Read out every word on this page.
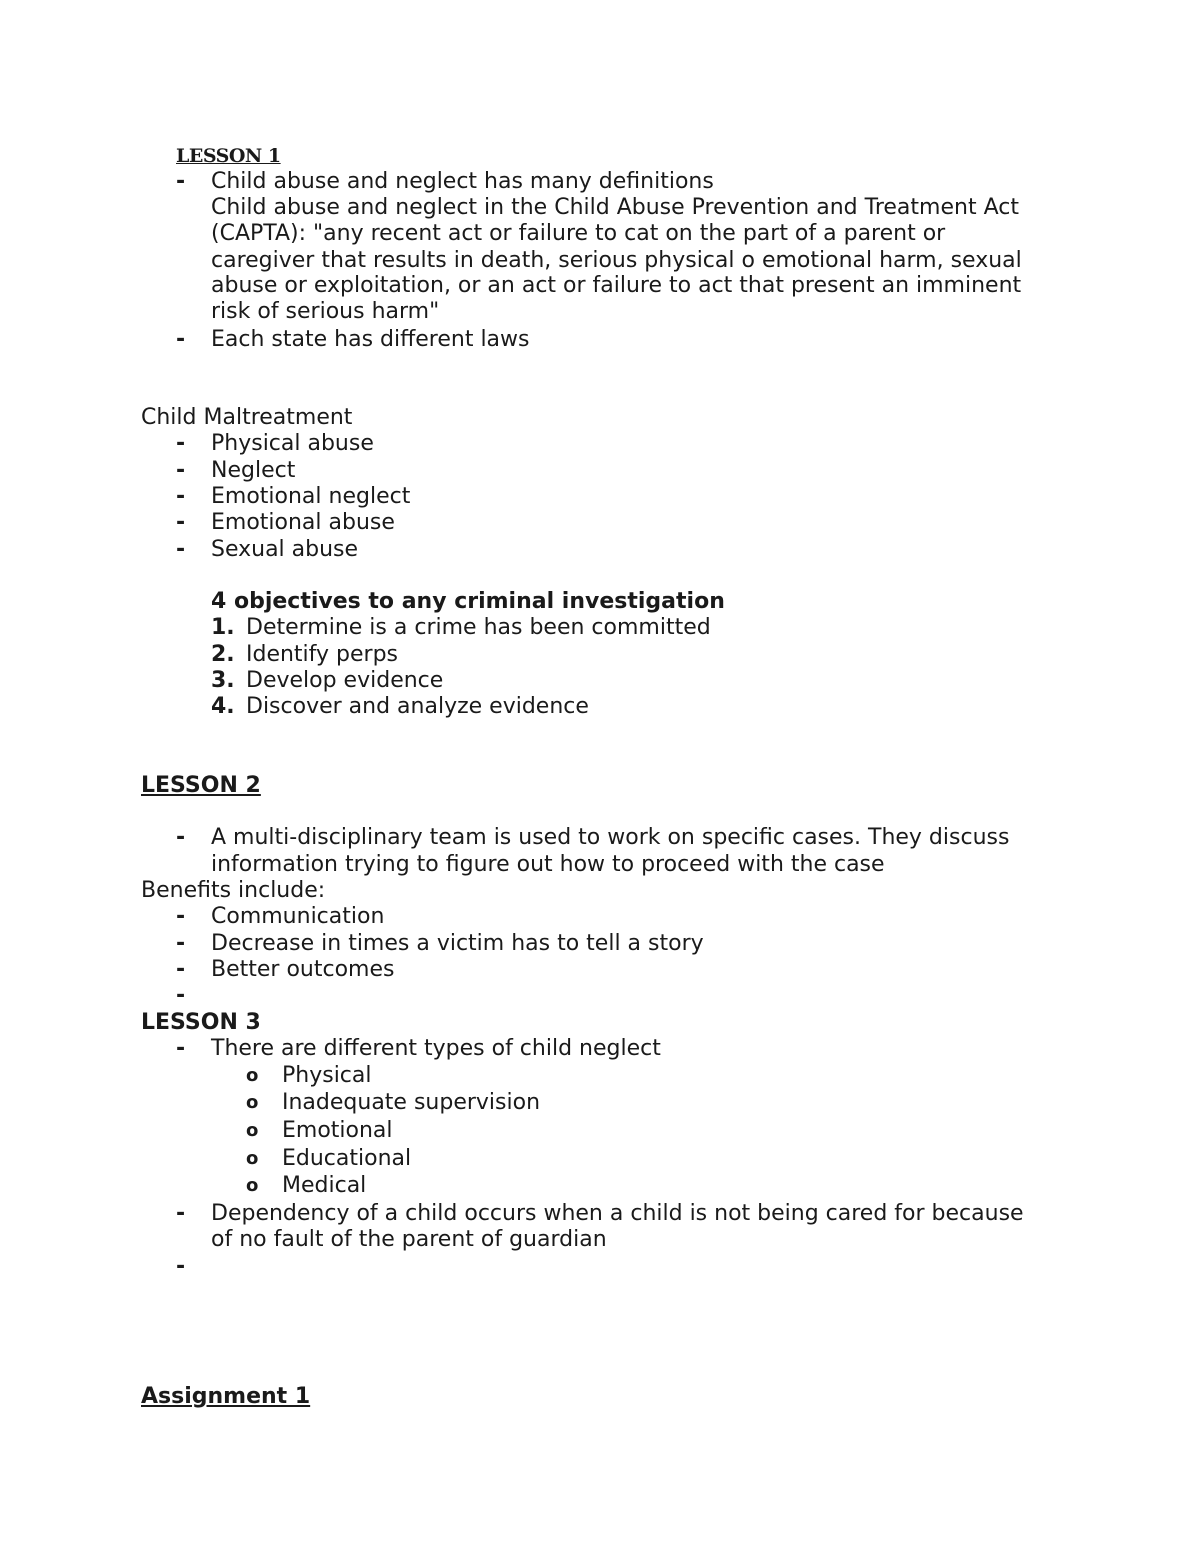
LESSON 1
- Child abuse and neglect has many definitions
Child abuse and neglect in the Child Abuse Prevention and Treatment Act
(CAPTA): "any recent act or failure to cat on the part of a parent or
caregiver that results in death, serious physical o emotional harm, sexual
abuse or exploitation, or an act or failure to act that present an imminent
risk of serious harm"
- Each state has different laws
Child Maltreatment
- Physical abuse
- Neglect
- Emotional neglect
- Emotional abuse
- Sexual abuse
4 objectives to any criminal investigation
1. Determine is a crime has been committed
2. Identify perps
3. Develop evidence
4. Discover and analyze evidence
LESSON 2
- A multi-disciplinary team is used to work on specific cases. They discuss
information trying to figure out how to proceed with the case
Benefits include:
- Communication
- Decrease in times a victim has to tell a story
- Better outcomes
-
LESSON 3
- There are different types of child neglect
o Physical
o Inadequate supervision
o Emotional
o Educational
o Medical
- Dependency of a child occurs when a child is not being cared for because
of no fault of the parent of guardian
-
Assignment 1
